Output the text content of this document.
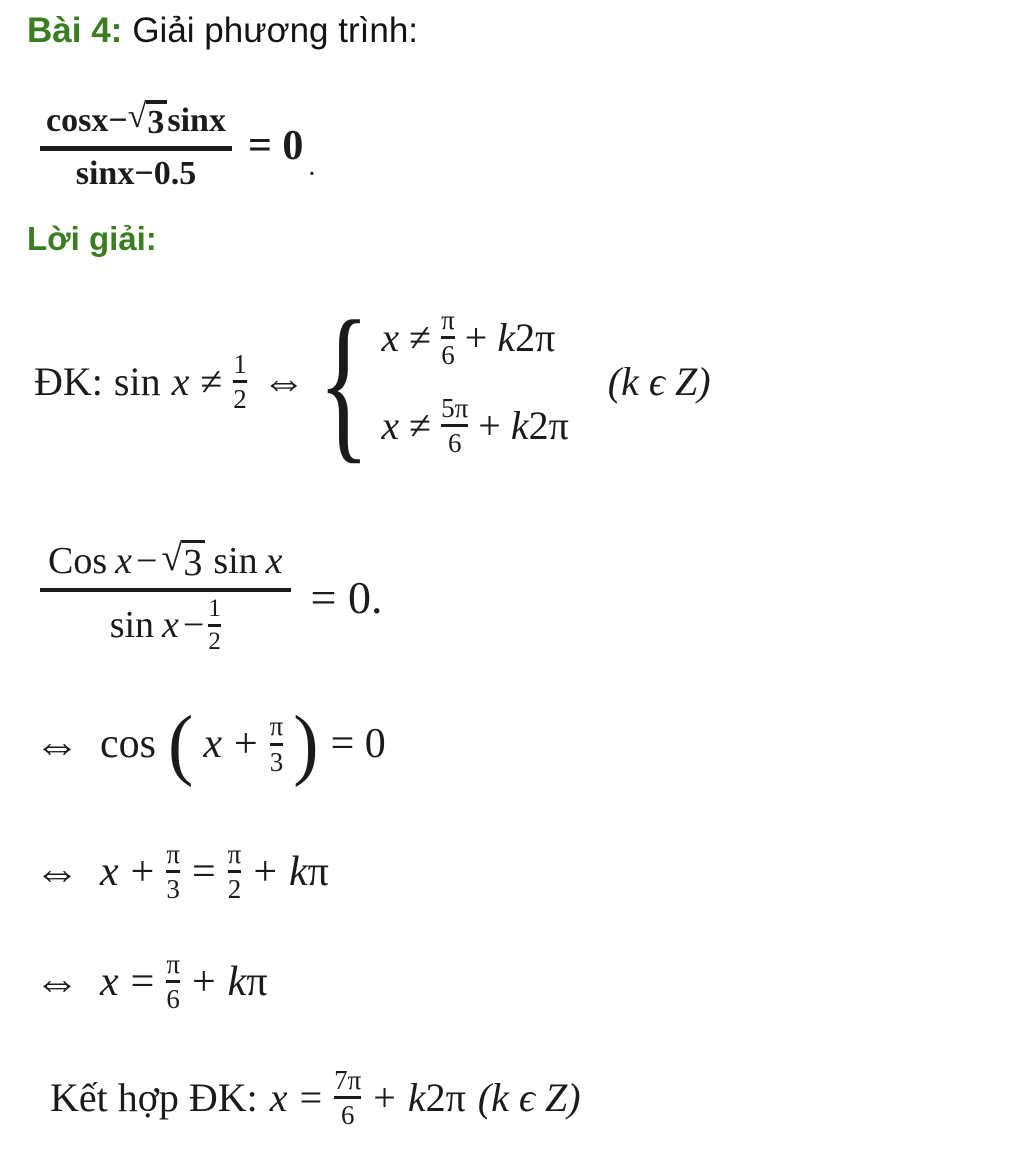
Bài 4: Giải phương trình:
cosx− √ 3 sinx
sinx−0.5
= 0
.
Lời giải:
ĐK: $\sin x \ne \frac{1}{2}$ ⇔ { $x \ne \frac{\pi}{6} + k$ 2π
$x \ne \frac{5\pi}{6} + k$ 2π
(k ϵ Z)
Cos x − √ 3 sin x
$\sin x - \frac{1}{2} = 0$.
⇔ cos ( $x + \frac{\pi}{3}$ ) = 0
⇔ $x + \frac{\pi}{3} = \frac{\pi}{2} + k$ π
⇔ $x = \frac{\pi}{6} + k$ π
Kết hợp ĐK: $x = \frac{7\pi}{6} + k$ 2π (k ϵ Z)
